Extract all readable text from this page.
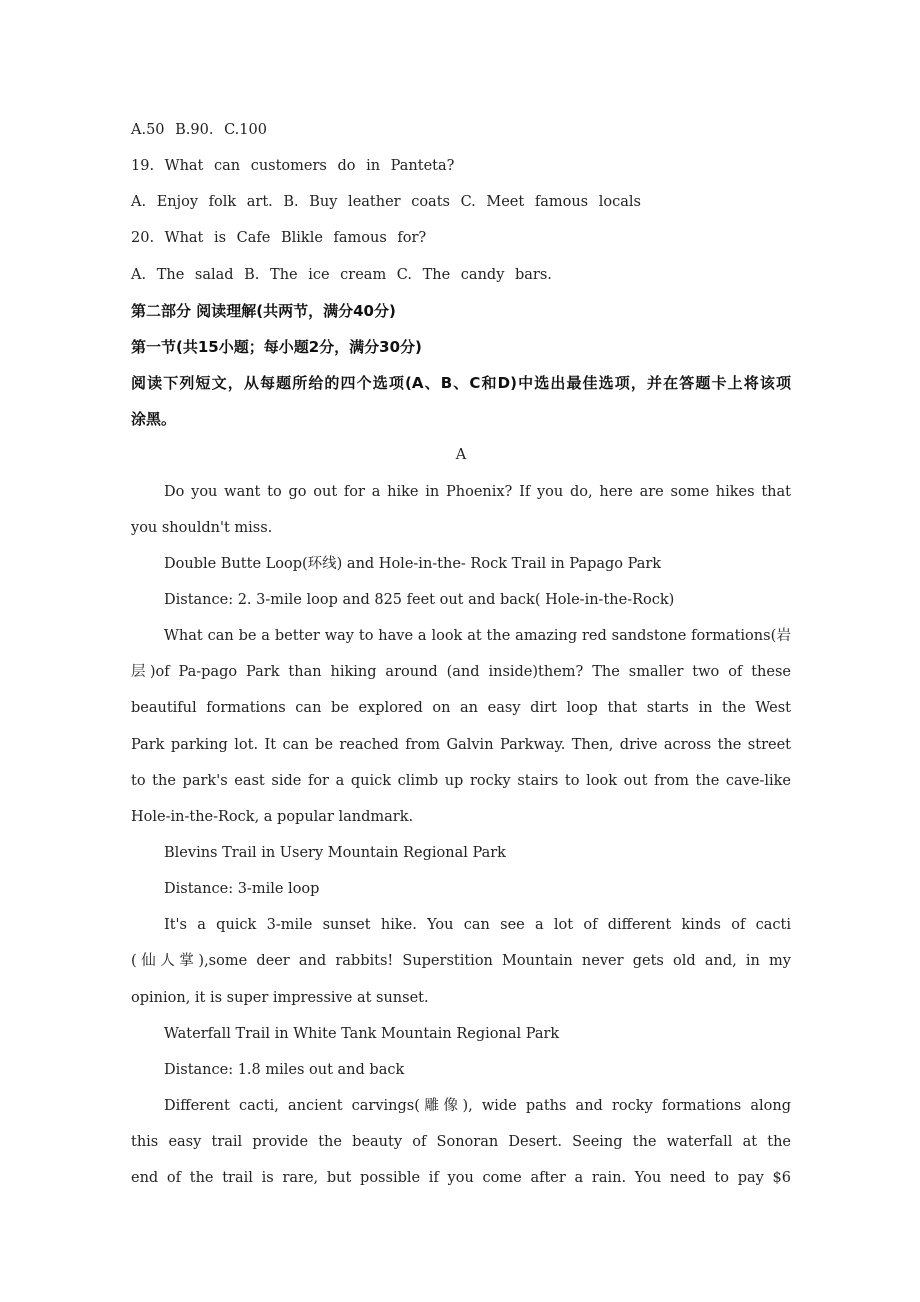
A.50 B.90. C.100
19. What can customers do in Panteta?
A. Enjoy folk art. B. Buy leather coats C. Meet famous locals
20. What is Cafe Blikle famous for?
A. The salad B. The ice cream C. The candy bars.
第二部分 阅读理解(共两节，满分40分)
第一节(共15小题；每小题2分，满分30分)
阅读下列短文，从每题所给的四个选项(A、B、C和D)中选出最佳选项，并在答题卡上将该项
涂黑。
A
Do you want to go out for a hike in Phoenix? If you do, here are some hikes that
you shouldn't miss.
Double Butte Loop(环线) and Hole-in-the- Rock Trail in Papago Park
Distance: 2. 3-mile loop and 825 feet out and back( Hole-in-the-Rock)
What can be a better way to have a look at the amazing red sandstone formations(岩
层)of Pa-pago Park than hiking around (and inside)them? The smaller two of these
beautiful formations can be explored on an easy dirt loop that starts in the West
Park parking lot. It can be reached from Galvin Parkway. Then, drive across the street
to the park's east side for a quick climb up rocky stairs to look out from the cave-like
Hole-in-the-Rock, a popular landmark.
Blevins Trail in Usery Mountain Regional Park
Distance: 3-mile loop
It's a quick 3-mile sunset hike. You can see a lot of different kinds of cacti
(仙人掌),some deer and rabbits! Superstition Mountain never gets old and, in my
opinion, it is super impressive at sunset.
Waterfall Trail in White Tank Mountain Regional Park
Distance: 1.8 miles out and back
Different cacti, ancient carvings(雕像), wide paths and rocky formations along
this easy trail provide the beauty of Sonoran Desert. Seeing the waterfall at the
end of the trail is rare, but possible if you come after a rain. You need to pay $6
